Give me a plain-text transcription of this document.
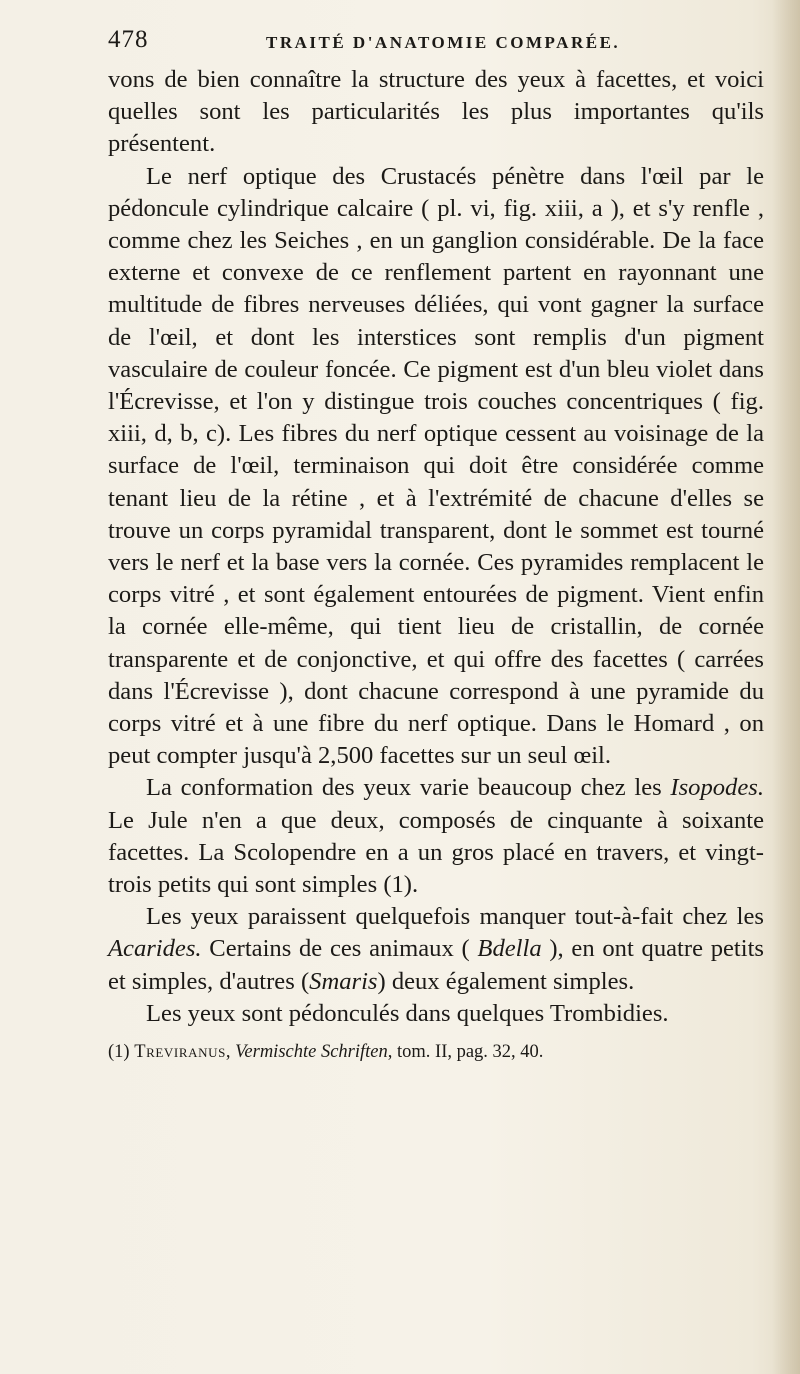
478	TRAITÉ D'ANATOMIE COMPARÉE.

vons de bien connaître la structure des yeux à facettes, et voici quelles sont les particularités les plus importantes qu'ils présentent.

Le nerf optique des Crustacés pénètre dans l'œil par le pédoncule cylindrique calcaire ( pl. vi, fig. xiii, a ), et s'y renfle , comme chez les Seiches , en un ganglion considérable. De la face externe et convexe de ce renflement partent en rayonnant une multitude de fibres nerveuses déliées, qui vont gagner la surface de l'œil, et dont les interstices sont remplis d'un pigment vasculaire de couleur foncée. Ce pigment est d'un bleu violet dans l'Écrevisse, et l'on y distingue trois couches concentriques ( fig. xiii, d, b, c). Les fibres du nerf optique cessent au voisinage de la surface de l'œil, terminaison qui doit être considérée comme tenant lieu de la rétine , et à l'extrémité de chacune d'elles se trouve un corps pyramidal transparent, dont le sommet est tourné vers le nerf et la base vers la cornée. Ces pyramides remplacent le corps vitré , et sont également entourées de pigment. Vient enfin la cornée elle-même, qui tient lieu de cristallin, de cornée transparente et de conjonctive, et qui offre des facettes ( carrées dans l'Écrevisse ), dont chacune correspond à une pyramide du corps vitré et à une fibre du nerf optique. Dans le Homard , on peut compter jusqu'à 2,500 facettes sur un seul œil.

La conformation des yeux varie beaucoup chez les Isopodes. Le Jule n'en a que deux, composés de cinquante à soixante facettes. La Scolopendre en a un gros placé en travers, et vingt-trois petits qui sont simples (1).

Les yeux paraissent quelquefois manquer tout-à-fait chez les Acarides. Certains de ces animaux ( Bdella ), en ont quatre petits et simples, d'autres (Smaris) deux également simples.

Les yeux sont pédonculés dans quelques Trombidies.

(1) Treviranus, Vermischte Schriften, tom. II, pag. 32, 40.
